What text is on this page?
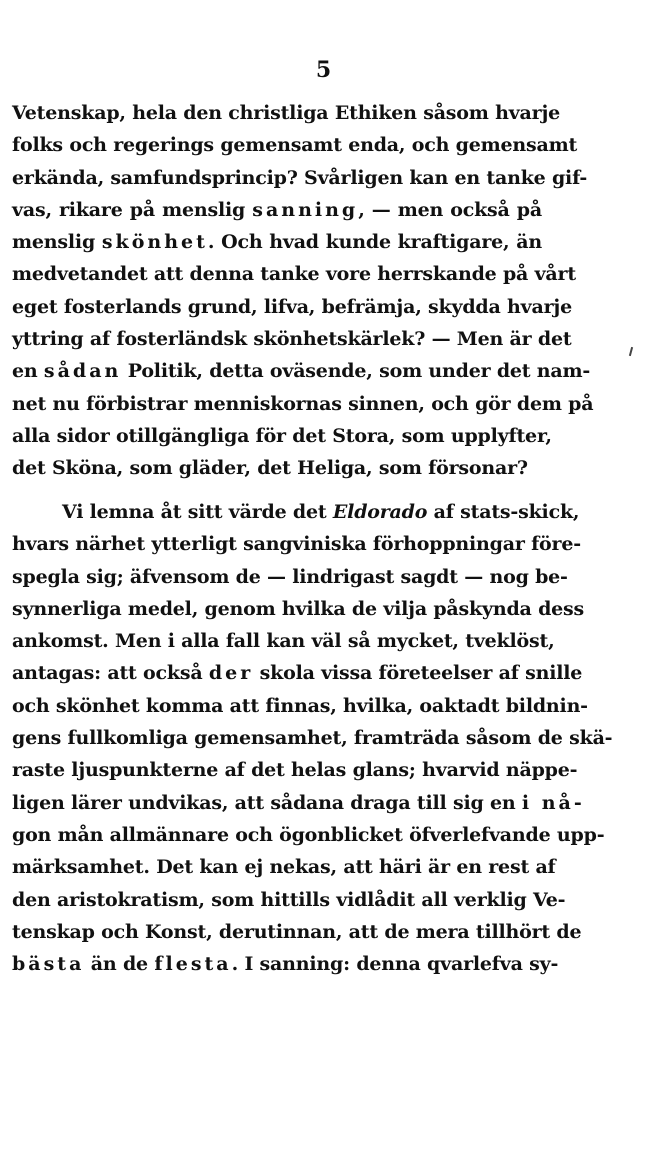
5
Vetenskap, hela den christliga Ethiken såsom hvarje
folks och regerings gemensamt enda, och gemensamt
erkända, samfundsprincip? Svårligen kan en tanke gif-
vas, rikare på menslig sanning, — men också på
menslig skönhet. Och hvad kunde kraftigare, än
medvetandet att denna tanke vore herrskande på vårt
eget fosterlands grund, lifva, befrämja, skydda hvarje
yttring af fosterländsk skönhetskärlek? — Men är det
en sådan Politik, detta oväsende, som under det nam-
net nu förbistrar menniskornas sinnen, och gör dem på
alla sidor otillgängliga för det Stora, som upplyfter,
det Sköna, som gläder, det Heliga, som försonar?
Vi lemna åt sitt värde det Eldorado af stats-skick,
hvars närhet ytterligt sangviniska förhoppningar före-
spegla sig; äfvensom de — lindrigast sagdt — nog be-
synnerliga medel, genom hvilka de vilja påskynda dess
ankomst. Men i alla fall kan väl så mycket, tveklöst,
antagas: att också der skola vissa företeelser af snille
och skönhet komma att finnas, hvilka, oaktadt bildnin-
gens fullkomliga gemensamhet, framträda såsom de skä-
raste ljuspunkterne af det helas glans; hvarvid näppe-
ligen lärer undvikas, att sådana draga till sig en i nå-
gon mån allmännare och ögonblicket öfverlefvande upp-
märksamhet. Det kan ej nekas, att häri är en rest af
den aristokratism, som hittills vidlådit all verklig Ve-
tenskap och Konst, derutinnan, att de mera tillhört de
bästa än de flesta. I sanning: denna qvarlefva sy-
